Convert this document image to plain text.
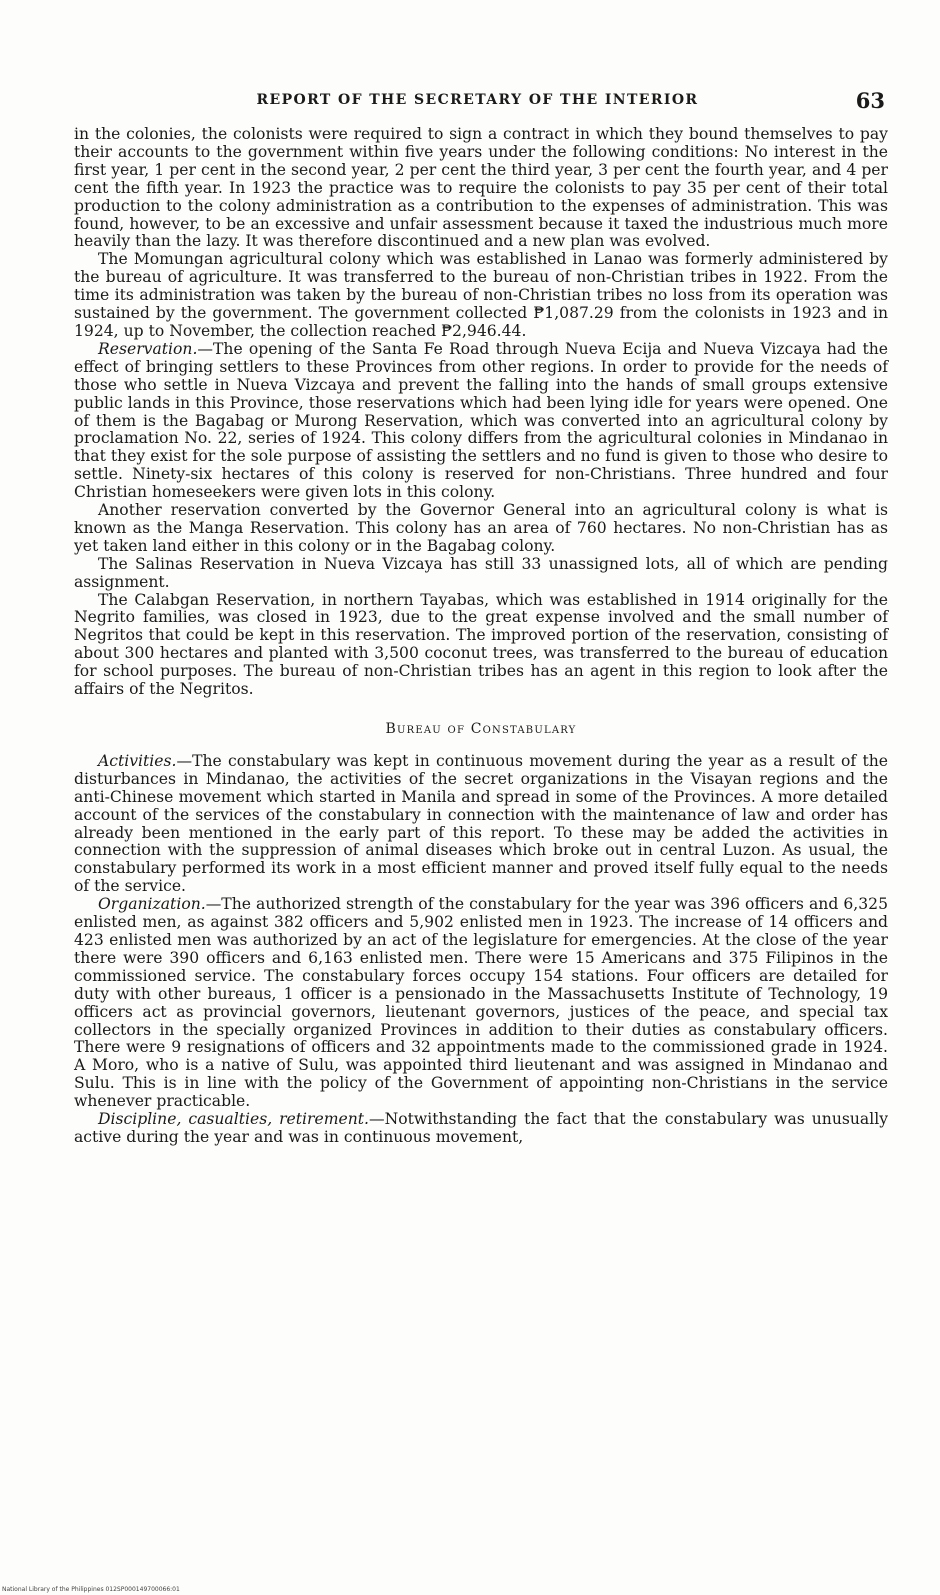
REPORT OF THE SECRETARY OF THE INTERIOR	63

in the colonies, the colonists were required to sign a contract in which they bound themselves to pay their accounts to the government within five years under the following conditions: No interest in the first year, 1 per cent in the second year, 2 per cent the third year, 3 per cent the fourth year, and 4 per cent the fifth year. In 1923 the practice was to require the colonists to pay 35 per cent of their total production to the colony administration as a contribution to the expenses of administration. This was found, however, to be an excessive and unfair assessment because it taxed the industrious much more heavily than the lazy. It was therefore discontinued and a new plan was evolved.

The Momungan agricultural colony which was established in Lanao was formerly administered by the bureau of agriculture. It was transferred to the bureau of non-Christian tribes in 1922. From the time its administration was taken by the bureau of non-Christian tribes no loss from its operation was sustained by the government. The government collected ₱1,087.29 from the colonists in 1923 and in 1924, up to November, the collection reached ₱2,946.44.

Reservation.—The opening of the Santa Fe Road through Nueva Ecija and Nueva Vizcaya had the effect of bringing settlers to these Provinces from other regions. In order to provide for the needs of those who settle in Nueva Vizcaya and prevent the falling into the hands of small groups extensive public lands in this Province, those reservations which had been lying idle for years were opened. One of them is the Bagabag or Murong Reservation, which was converted into an agricultural colony by proclamation No. 22, series of 1924. This colony differs from the agricultural colonies in Mindanao in that they exist for the sole purpose of assisting the settlers and no fund is given to those who desire to settle. Ninety-six hectares of this colony is reserved for non-Christians. Three hundred and four Christian homeseekers were given lots in this colony.

Another reservation converted by the Governor General into an agricultural colony is what is known as the Manga Reservation. This colony has an area of 760 hectares. No non-Christian has as yet taken land either in this colony or in the Bagabag colony.

The Salinas Reservation in Nueva Vizcaya has still 33 unassigned lots, all of which are pending assignment.

The Calabgan Reservation, in northern Tayabas, which was established in 1914 originally for the Negrito families, was closed in 1923, due to the great expense involved and the small number of Negritos that could be kept in this reservation. The improved portion of the reservation, consisting of about 300 hectares and planted with 3,500 coconut trees, was transferred to the bureau of education for school purposes. The bureau of non-Christian tribes has an agent in this region to look after the affairs of the Negritos.

Bureau of Constabulary

Activities.—The constabulary was kept in continuous movement during the year as a result of the disturbances in Mindanao, the activities of the secret organizations in the Visayan regions and the anti-Chinese movement which started in Manila and spread in some of the Provinces. A more detailed account of the services of the constabulary in connection with the maintenance of law and order has already been mentioned in the early part of this report. To these may be added the activities in connection with the suppression of animal diseases which broke out in central Luzon. As usual, the constabulary performed its work in a most efficient manner and proved itself fully equal to the needs of the service.

Organization.—The authorized strength of the constabulary for the year was 396 officers and 6,325 enlisted men, as against 382 officers and 5,902 enlisted men in 1923. The increase of 14 officers and 423 enlisted men was authorized by an act of the legislature for emergencies. At the close of the year there were 390 officers and 6,163 enlisted men. There were 15 Americans and 375 Filipinos in the commissioned service. The constabulary forces occupy 154 stations. Four officers are detailed for duty with other bureaus, 1 officer is a pensionado in the Massachusetts Institute of Technology, 19 officers act as provincial governors, lieutenant governors, justices of the peace, and special tax collectors in the specially organized Provinces in addition to their duties as constabulary officers. There were 9 resignations of officers and 32 appointments made to the commissioned grade in 1924. A Moro, who is a native of Sulu, was appointed third lieutenant and was assigned in Mindanao and Sulu. This is in line with the policy of the Government of appointing non-Christians in the service whenever practicable.

Discipline, casualties, retirement.—Notwithstanding the fact that the constabulary was unusually active during the year and was in continuous movement,

National Library of the Philippines 012SP000149700066:01
